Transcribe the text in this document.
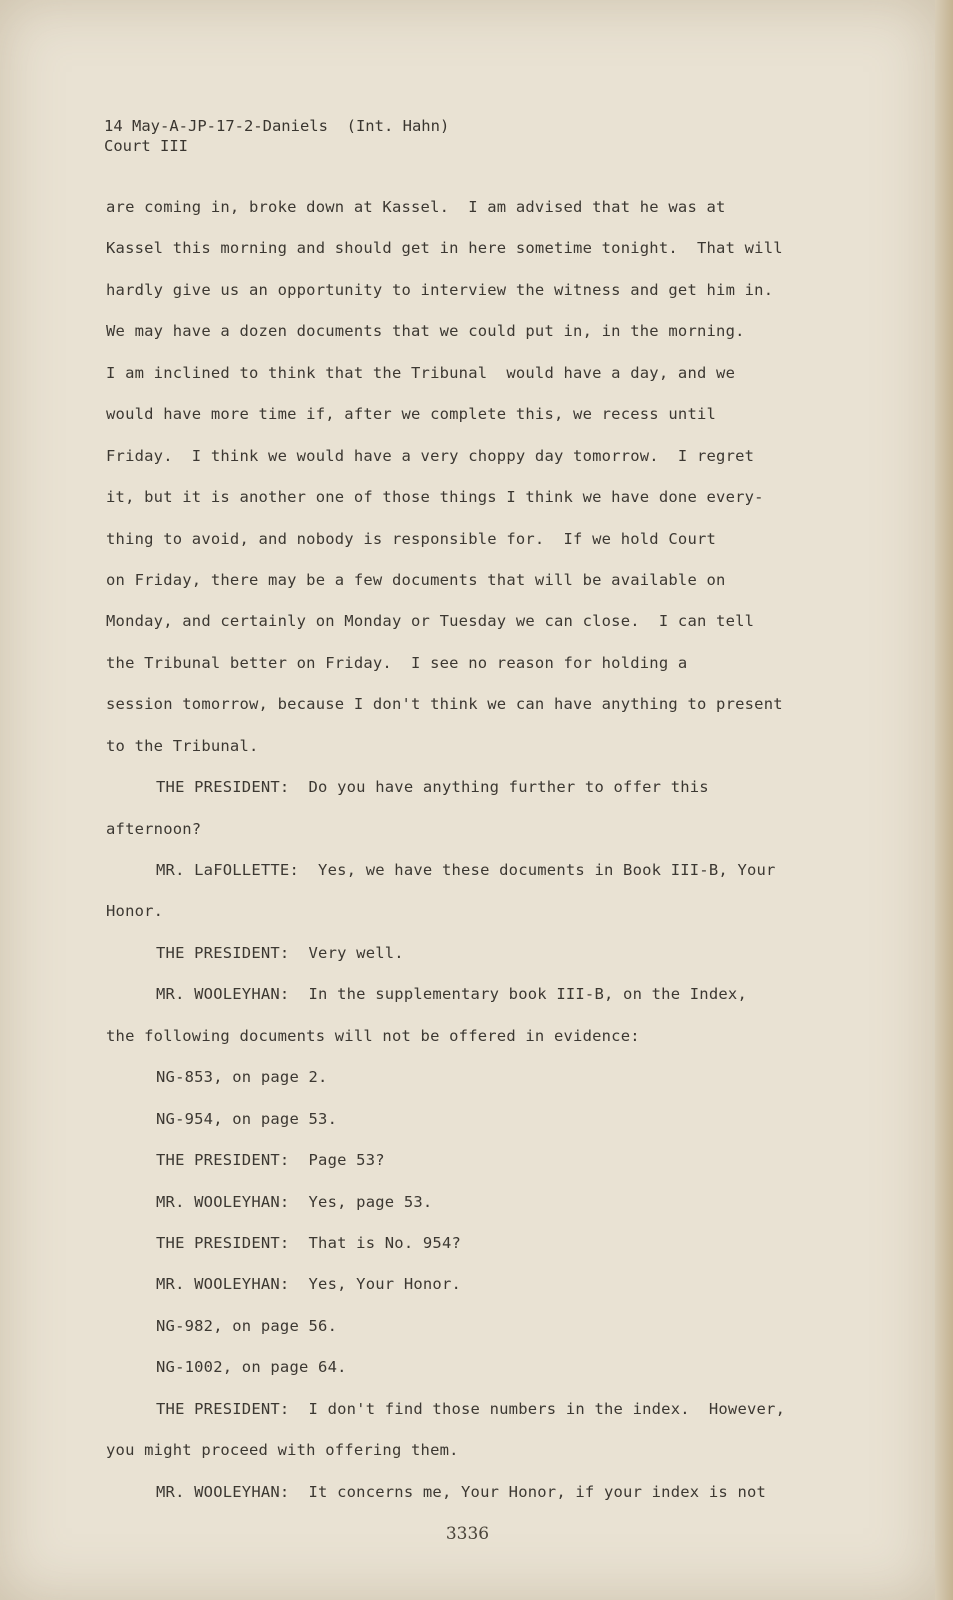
14 May-A-JP-17-2-Daniels  (Int. Hahn)
Court III
are coming in, broke down at Kassel.  I am advised that he was at
Kassel this morning and should get in here sometime tonight.  That will
hardly give us an opportunity to interview the witness and get him in.
We may have a dozen documents that we could put in, in the morning.
I am inclined to think that the Tribunal  would have a day, and we
would have more time if, after we complete this, we recess until
Friday.  I think we would have a very choppy day tomorrow.  I regret
it, but it is another one of those things I think we have done every-
thing to avoid, and nobody is responsible for.  If we hold Court
on Friday, there may be a few documents that will be available on
Monday, and certainly on Monday or Tuesday we can close.  I can tell
the Tribunal better on Friday.  I see no reason for holding a
session tomorrow, because I don't think we can have anything to present
to the Tribunal.
THE PRESIDENT:  Do you have anything further to offer this
afternoon?
MR. LaFOLLETTE:  Yes, we have these documents in Book III-B, Your
Honor.
THE PRESIDENT:  Very well.
MR. WOOLEYHAN:  In the supplementary book III-B, on the Index,
the following documents will not be offered in evidence:
NG-853, on page 2.
NG-954, on page 53.
THE PRESIDENT:  Page 53?
MR. WOOLEYHAN:  Yes, page 53.
THE PRESIDENT:  That is No. 954?
MR. WOOLEYHAN:  Yes, Your Honor.
NG-982, on page 56.
NG-1002, on page 64.
THE PRESIDENT:  I don't find those numbers in the index.  However,
you might proceed with offering them.
MR. WOOLEYHAN:  It concerns me, Your Honor, if your index is not
3336
